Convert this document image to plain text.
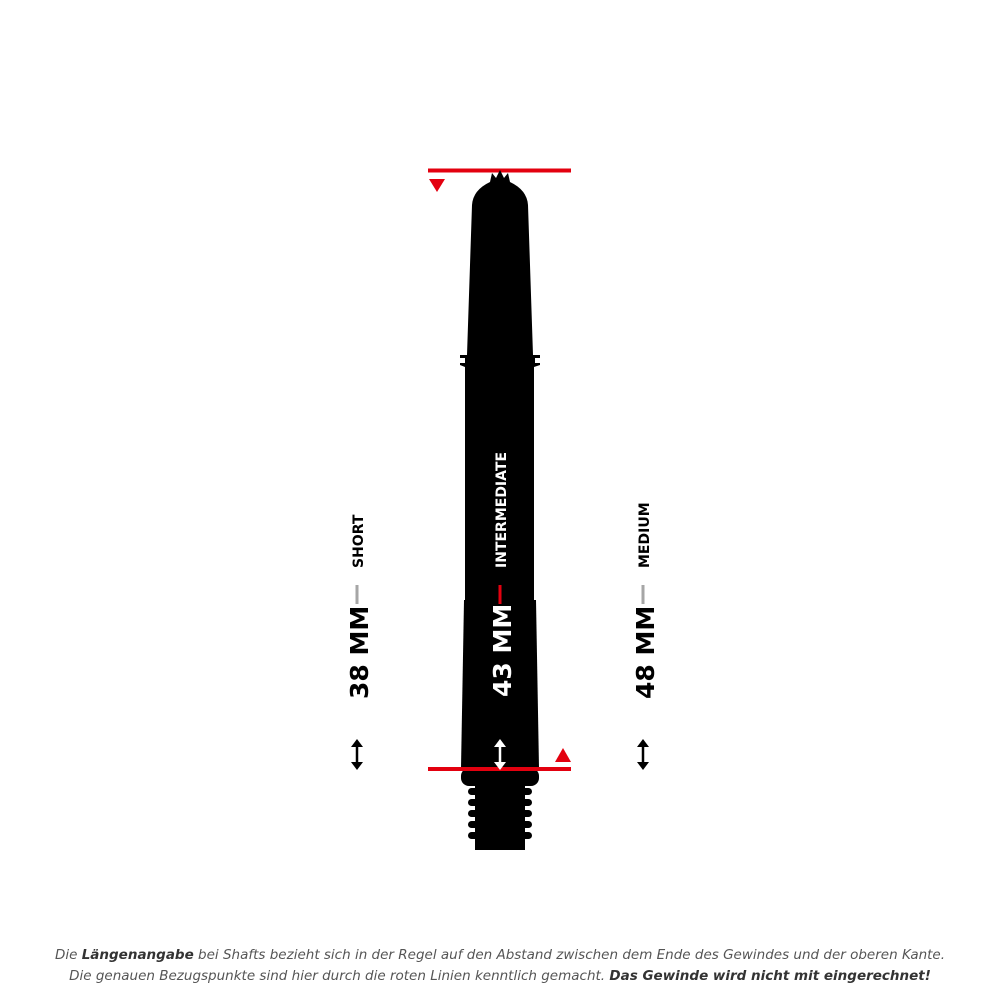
SHORT
38 MM
INTERMEDIATE
43 MM
MEDIUM
48 MM
Die Längenangabe bei Shafts bezieht sich in der Regel auf den Abstand zwischen dem Ende des Gewindes und der oberen Kante.
Die genauen Bezugspunkte sind hier durch die roten Linien kenntlich gemacht. Das Gewinde wird nicht mit eingerechnet!
